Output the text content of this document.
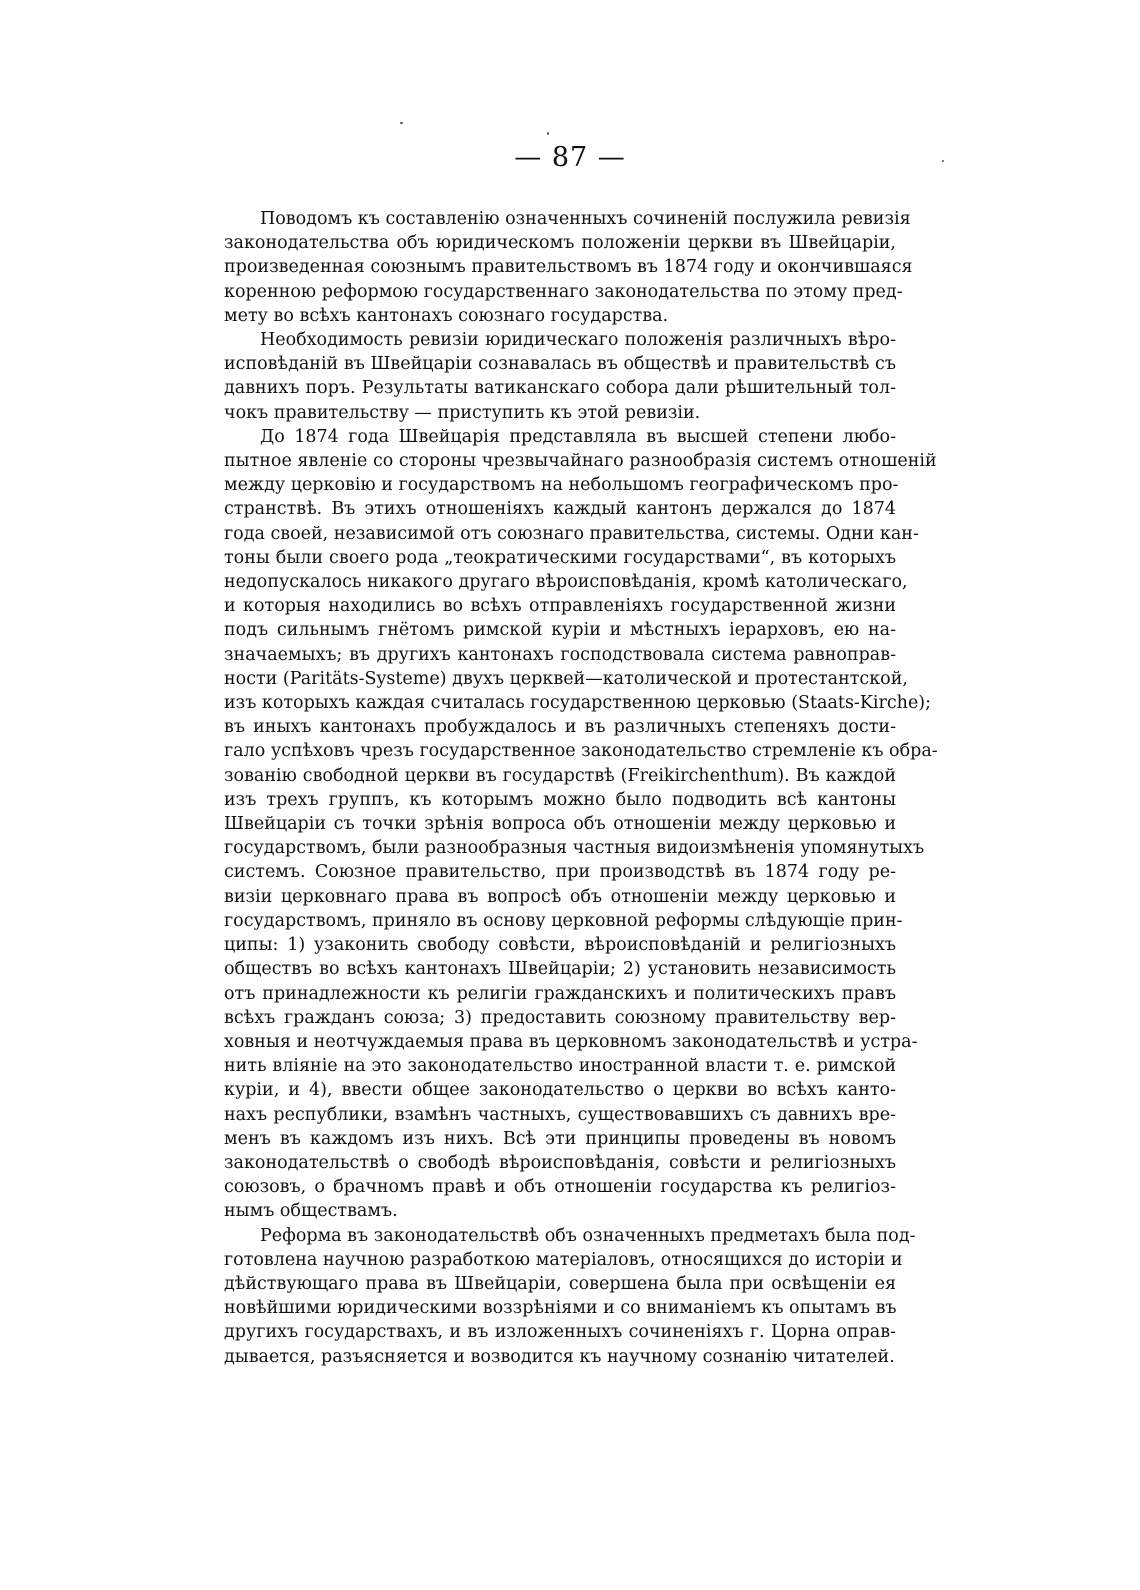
— 87 —

Поводомъ къ составленію означенныхъ сочиненій послужила ревизія
законодательства объ юридическомъ положеніи церкви въ Швейцаріи,
произведенная союзнымъ правительствомъ въ 1874 году и окончившаяся
коренною реформою государственнаго законодательства по этому пред-
мету во всѣхъ кантонахъ союзнаго государства.

Необходимость ревизіи юридическаго положенія различныхъ вѣро-
исповѣданій въ Швейцаріи сознавалась въ обществѣ и правительствѣ съ
давнихъ поръ. Результаты ватиканскаго собора дали рѣшительный тол-
чокъ правительству — приступить къ этой ревизіи.

До 1874 года Швейцарія представляла въ высшей степени любо-
пытное явленіе со стороны чрезвычайнаго разнообразія системъ отношеній
между церковію и государствомъ на небольшомъ географическомъ про-
странствѣ. Въ этихъ отношеніяхъ каждый кантонъ держался до 1874
года своей, независимой отъ союзнаго правительства, системы. Одни кан-
тоны были своего рода „теократическими государствами“, въ которыхъ
недопускалось никакого другаго вѣроисповѣданія, кромѣ католическаго,
и которыя находились во всѣхъ отправленіяхъ государственной жизни
подъ сильнымъ гнётомъ римской куріи и мѣстныхъ іерарховъ, ею на-
значаемыхъ; въ другихъ кантонахъ господствовала система равноправ-
ности (Paritäts-Systeme) двухъ церквей—католической и протестантской,
изъ которыхъ каждая считалась государственною церковью (Staats-Kirche);
въ иныхъ кантонахъ пробуждалось и въ различныхъ степеняхъ дости-
гало успѣховъ чрезъ государственное законодательство стремленіе къ обра-
зованію свободной церкви въ государствѣ (Freikirchenthum). Въ каждой
изъ трехъ группъ, къ которымъ можно было подводить всѣ кантоны
Швейцаріи съ точки зрѣнія вопроса объ отношеніи между церковью и
государствомъ, были разнообразныя частныя видоизмѣненія упомянутыхъ
системъ. Союзное правительство, при производствѣ въ 1874 году ре-
визіи церковнаго права въ вопросѣ объ отношеніи между церковью и
государствомъ, приняло въ основу церковной реформы слѣдующіе прин-
ципы: 1) узаконить свободу совѣсти, вѣроисповѣданій и религіозныхъ
обществъ во всѣхъ кантонахъ Швейцаріи; 2) установить независимость
отъ принадлежности къ религіи гражданскихъ и политическихъ правъ
всѣхъ гражданъ союза; 3) предоставить союзному правительству вер-
ховныя и неотчуждаемыя права въ церковномъ законодательствѣ и устра-
нить вліяніе на это законодательство иностранной власти т. е. римской
куріи, и 4), ввести общее законодательство о церкви во всѣхъ канто-
нахъ республики, взамѣнъ частныхъ, существовавшихъ съ давнихъ вре-
менъ въ каждомъ изъ нихъ. Всѣ эти принципы проведены въ новомъ
законодательствѣ о свободѣ вѣроисповѣданія, совѣсти и религіозныхъ
союзовъ, о брачномъ правѣ и объ отношеніи государства къ религіоз-
нымъ обществамъ.

Реформа въ законодательствѣ объ означенныхъ предметахъ была под-
готовлена научною разработкою матеріаловъ, относящихся до исторіи и
дѣйствующаго права въ Швейцаріи, совершена была при освѣщеніи ея
новѣйшими юридическими воззрѣніями и со вниманіемъ къ опытамъ въ
другихъ государствахъ, и въ изложенныхъ сочиненіяхъ г. Цорна оправ-
дывается, разъясняется и возводится къ научному сознанію читателей.
